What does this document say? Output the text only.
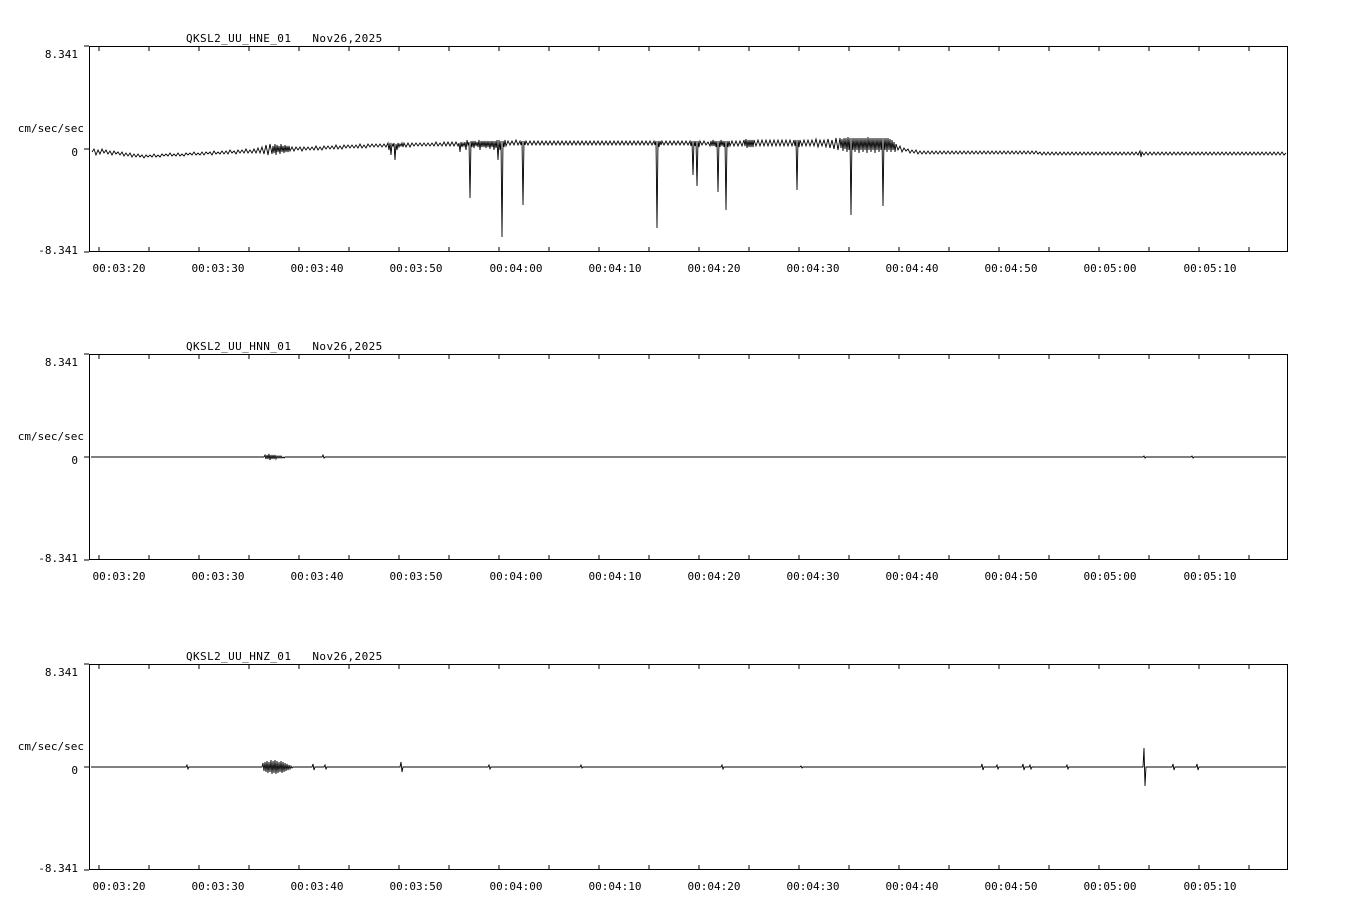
QKSL2_UU_HNE_01   Nov26,2025
8.341
cm/sec/sec
0
-8.341
00:03:20	00:03:30	00:03:40	00:03:50	00:04:00	00:04:10	00:04:20	00:04:30	00:04:40	00:04:50	00:05:00	00:05:10
QKSL2_UU_HNN_01   Nov26,2025
8.341
cm/sec/sec
0
-8.341
00:03:20	00:03:30	00:03:40	00:03:50	00:04:00	00:04:10	00:04:20	00:04:30	00:04:40	00:04:50	00:05:00	00:05:10
QKSL2_UU_HNZ_01   Nov26,2025
8.341
cm/sec/sec
0
-8.341
00:03:20	00:03:30	00:03:40	00:03:50	00:04:00	00:04:10	00:04:20	00:04:30	00:04:40	00:04:50	00:05:00	00:05:10
